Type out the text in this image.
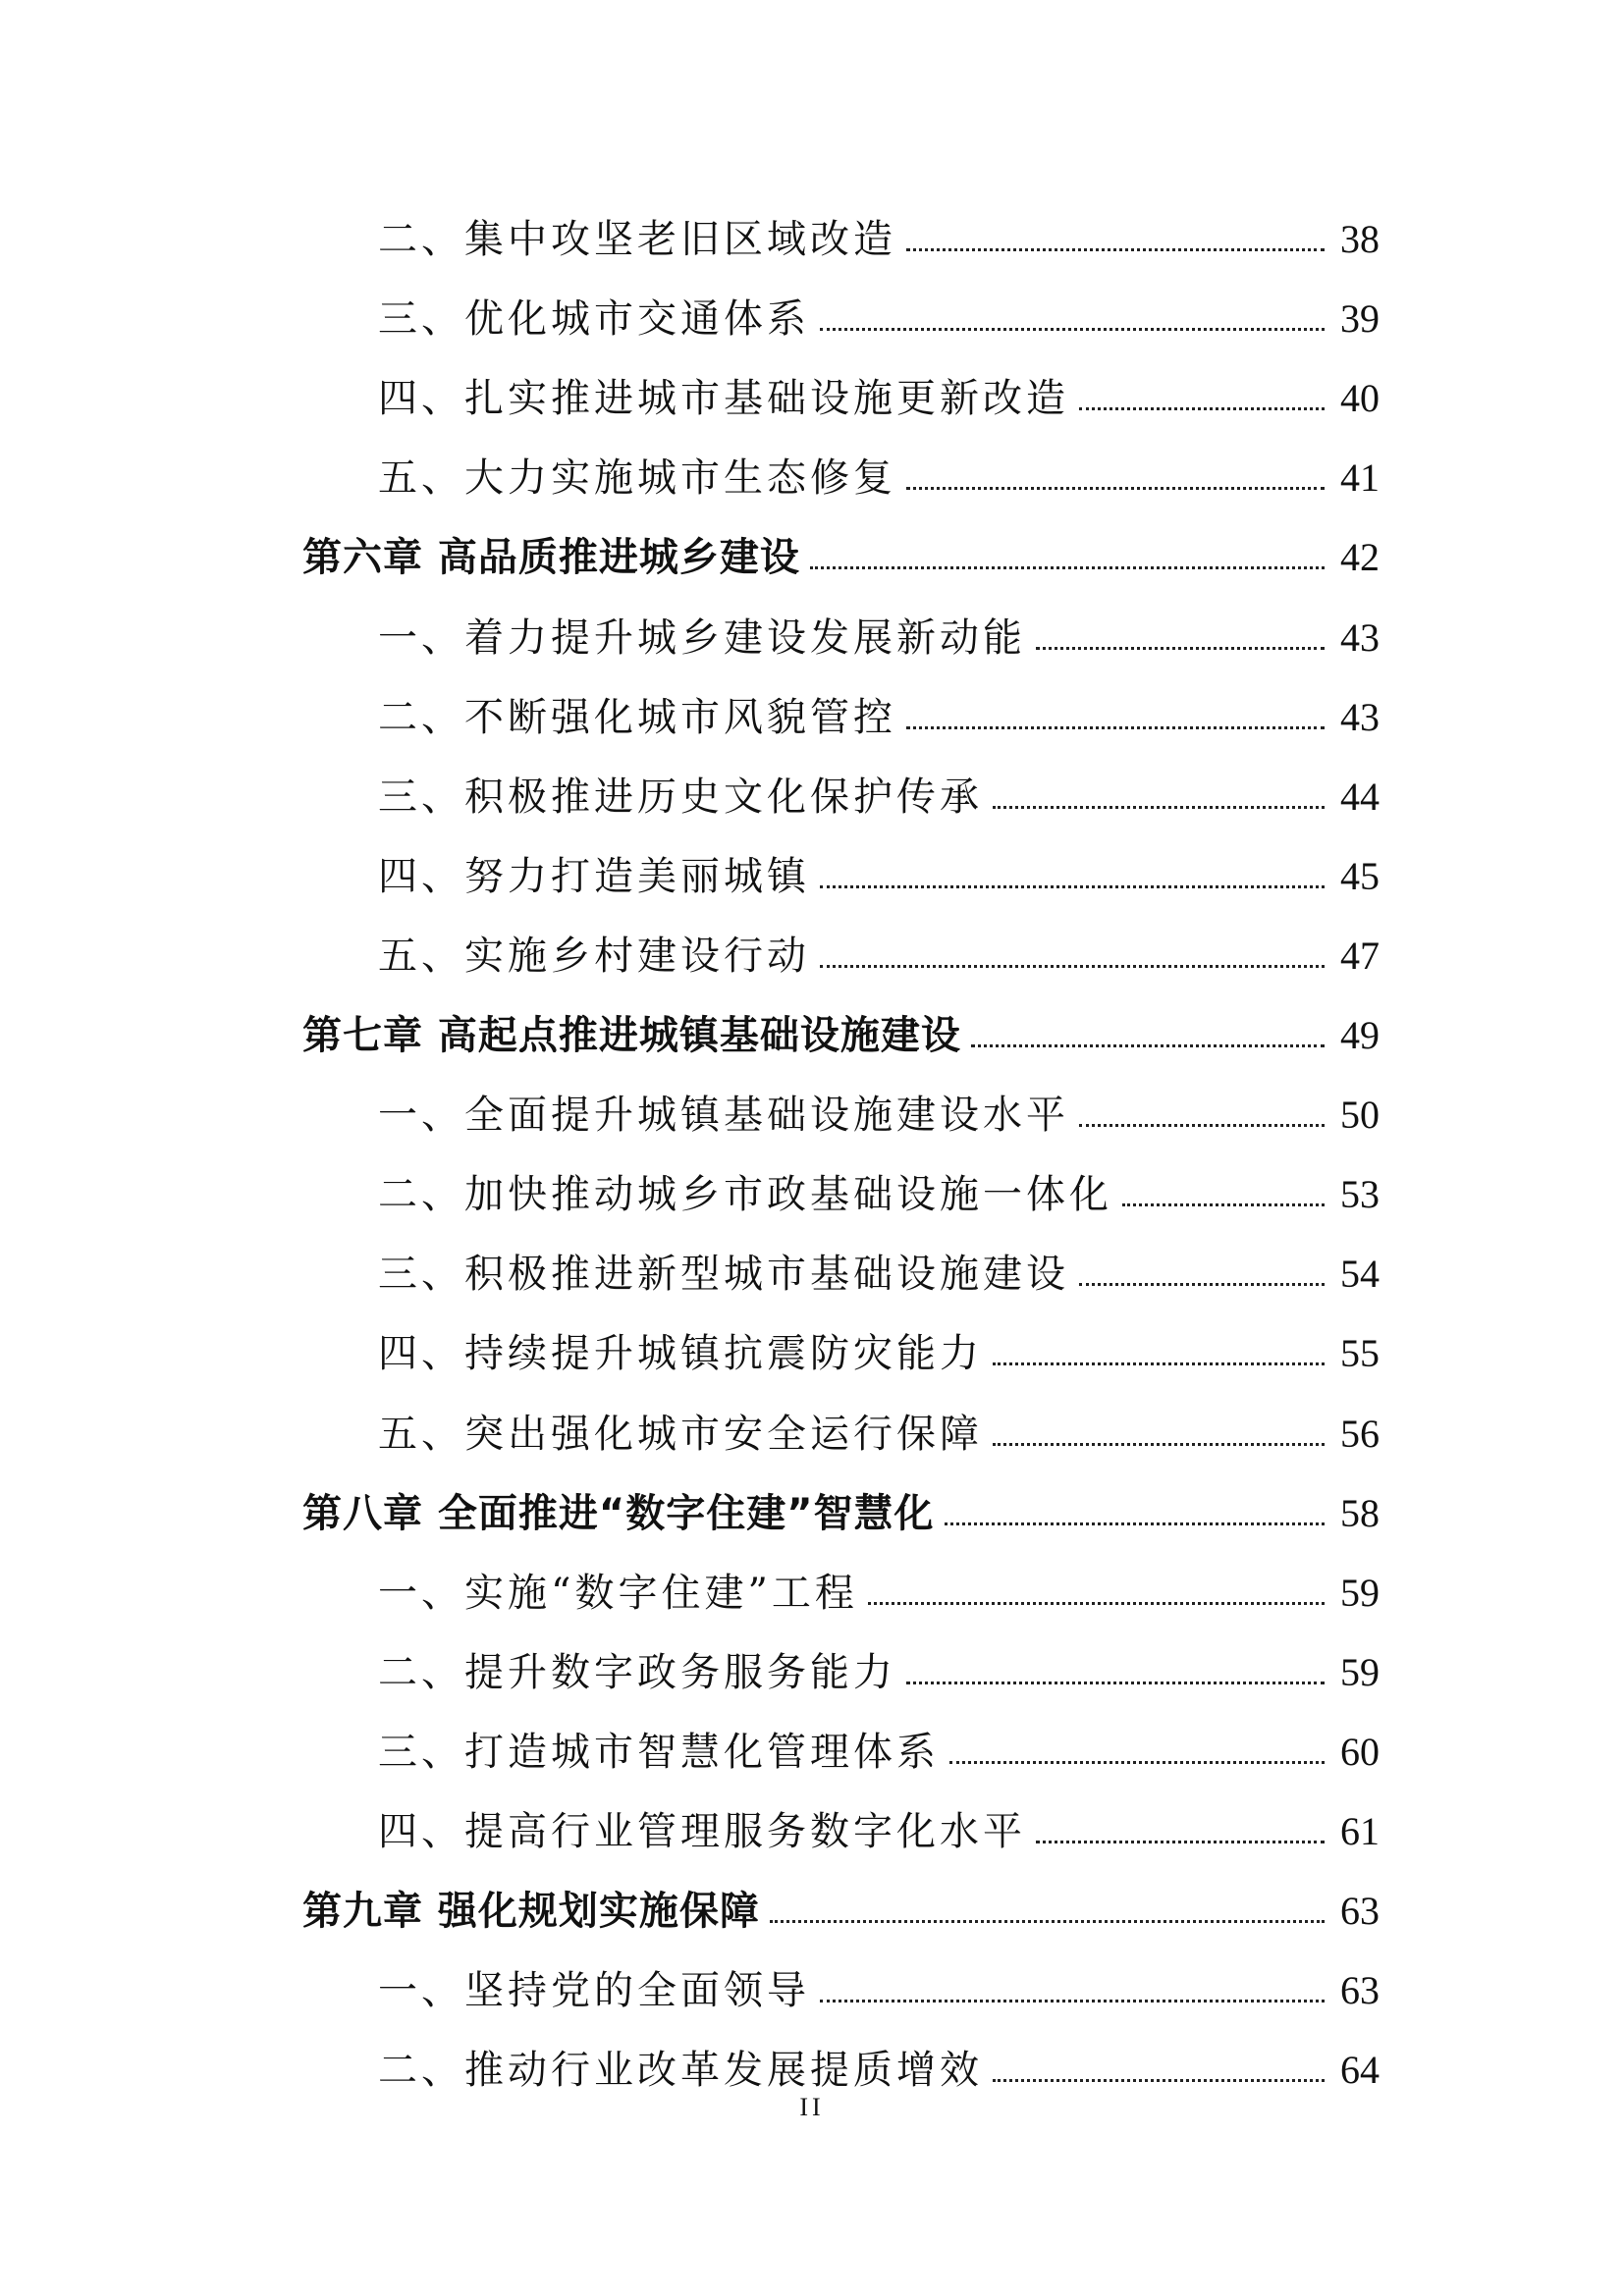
二、集中攻坚老旧区域改造	38
三、优化城市交通体系	39
四、扎实推进城市基础设施更新改造	40
五、大力实施城市生态修复	41
第六章 高品质推进城乡建设	42
一、着力提升城乡建设发展新动能	43
二、不断强化城市风貌管控	43
三、积极推进历史文化保护传承	44
四、努力打造美丽城镇	45
五、实施乡村建设行动	47
第七章 高起点推进城镇基础设施建设	49
一、全面提升城镇基础设施建设水平	50
二、加快推动城乡市政基础设施一体化	53
三、积极推进新型城市基础设施建设	54
四、持续提升城镇抗震防灾能力	55
五、突出强化城市安全运行保障	56
第八章 全面推进“数字住建”智慧化	58
一、实施“数字住建”工程	59
二、提升数字政务服务能力	59
三、打造城市智慧化管理体系	60
四、提高行业管理服务数字化水平	61
第九章 强化规划实施保障	63
一、坚持党的全面领导	63
二、推动行业改革发展提质增效	64
II
